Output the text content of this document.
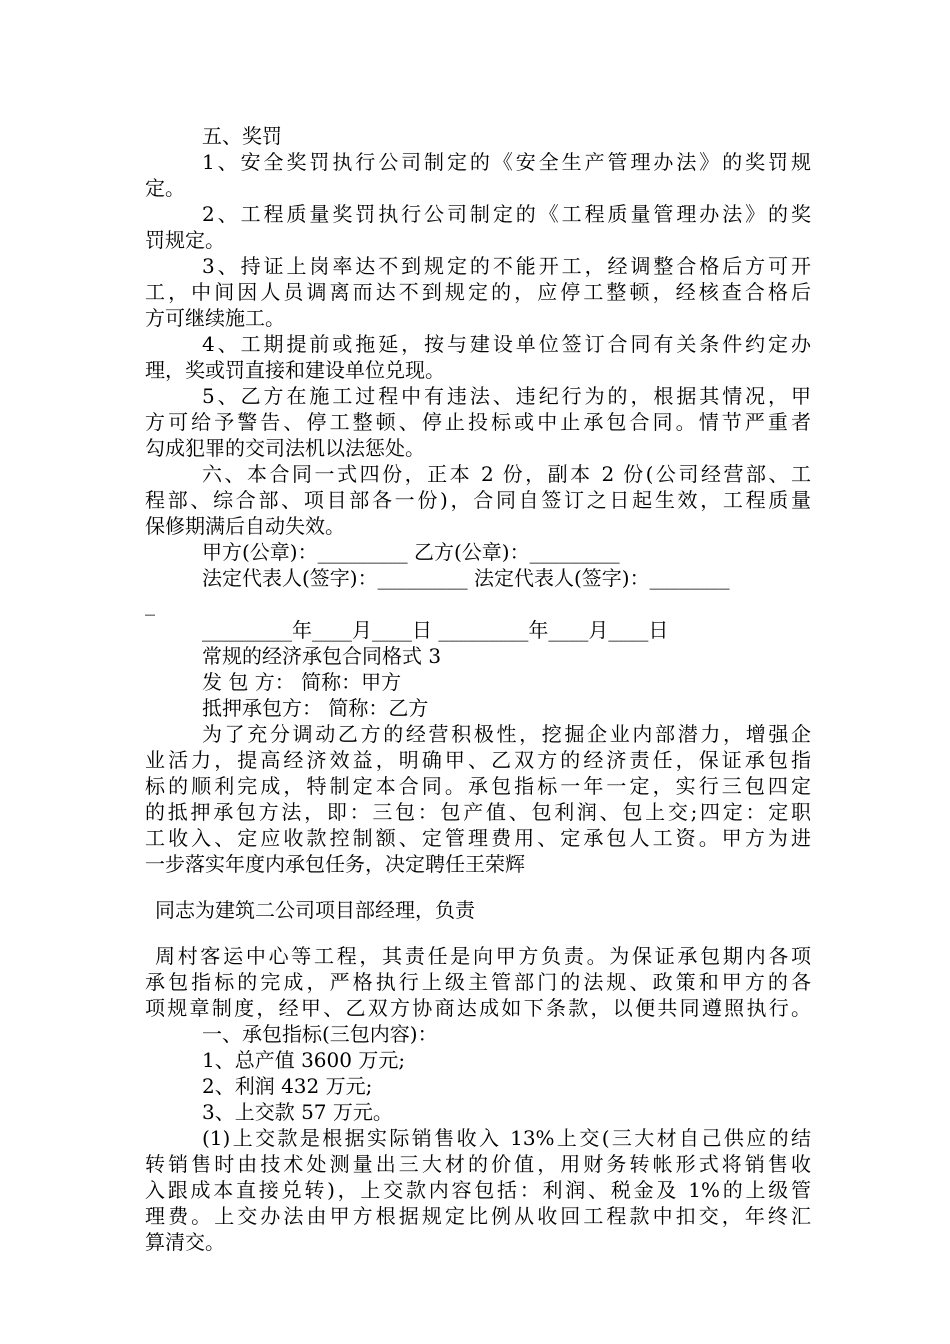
五、奖罚
1、安全奖罚执行公司制定的《安全生产管理办法》的奖罚规
定。
2、工程质量奖罚执行公司制定的《工程质量管理办法》的奖
罚规定。
3、持证上岗率达不到规定的不能开工，经调整合格后方可开
工，中间因人员调离而达不到规定的，应停工整顿，经核查合格后
方可继续施工。
4、工期提前或拖延，按与建设单位签订合同有关条件约定办
理，奖或罚直接和建设单位兑现。
5、乙方在施工过程中有违法、违纪行为的，根据其情况，甲
方可给予警告、停工整顿、停止投标或中止承包合同。情节严重者
勾成犯罪的交司法机以法惩处。
六、本合同一式四份，正本 2 份，副本 2 份(公司经营部、工
程部、综合部、项目部各一份)，合同自签订之日起生效，工程质量
保修期满后自动失效。
甲方(公章)：_________ 乙方(公章)：_________
法定代表人(签字)：_________ 法定代表人(签字)：________
_
_________年____月____日 _________年____月____日
常规的经济承包合同格式 3
发 包 方： 简称：甲方
抵押承包方： 简称：乙方
为了充分调动乙方的经营积极性，挖掘企业内部潜力，增强企
业活力，提高经济效益，明确甲、乙双方的经济责任，保证承包指
标的顺利完成，特制定本合同。承包指标一年一定，实行三包四定
的抵押承包方法，即：三包：包产值、包利润、包上交;四定：定职
工收入、定应收款控制额、定管理费用、定承包人工资。甲方为进
一步落实年度内承包任务，决定聘任王荣辉
同志为建筑二公司项目部经理，负责
周村客运中心等工程，其责任是向甲方负责。为保证承包期内各项
承包指标的完成，严格执行上级主管部门的法规、政策和甲方的各
项规章制度，经甲、乙双方协商达成如下条款，以便共同遵照执行。
一、承包指标(三包内容)：
1、总产值 3600 万元;
2、利润 432 万元;
3、上交款 57 万元。
(1)上交款是根据实际销售收入 13%上交(三大材自己供应的结
转销售时由技术处测量出三大材的价值，用财务转帐形式将销售收
入跟成本直接兑转)，上交款内容包括：利润、税金及 1%的上级管
理费。上交办法由甲方根据规定比例从收回工程款中扣交，年终汇
算清交。
